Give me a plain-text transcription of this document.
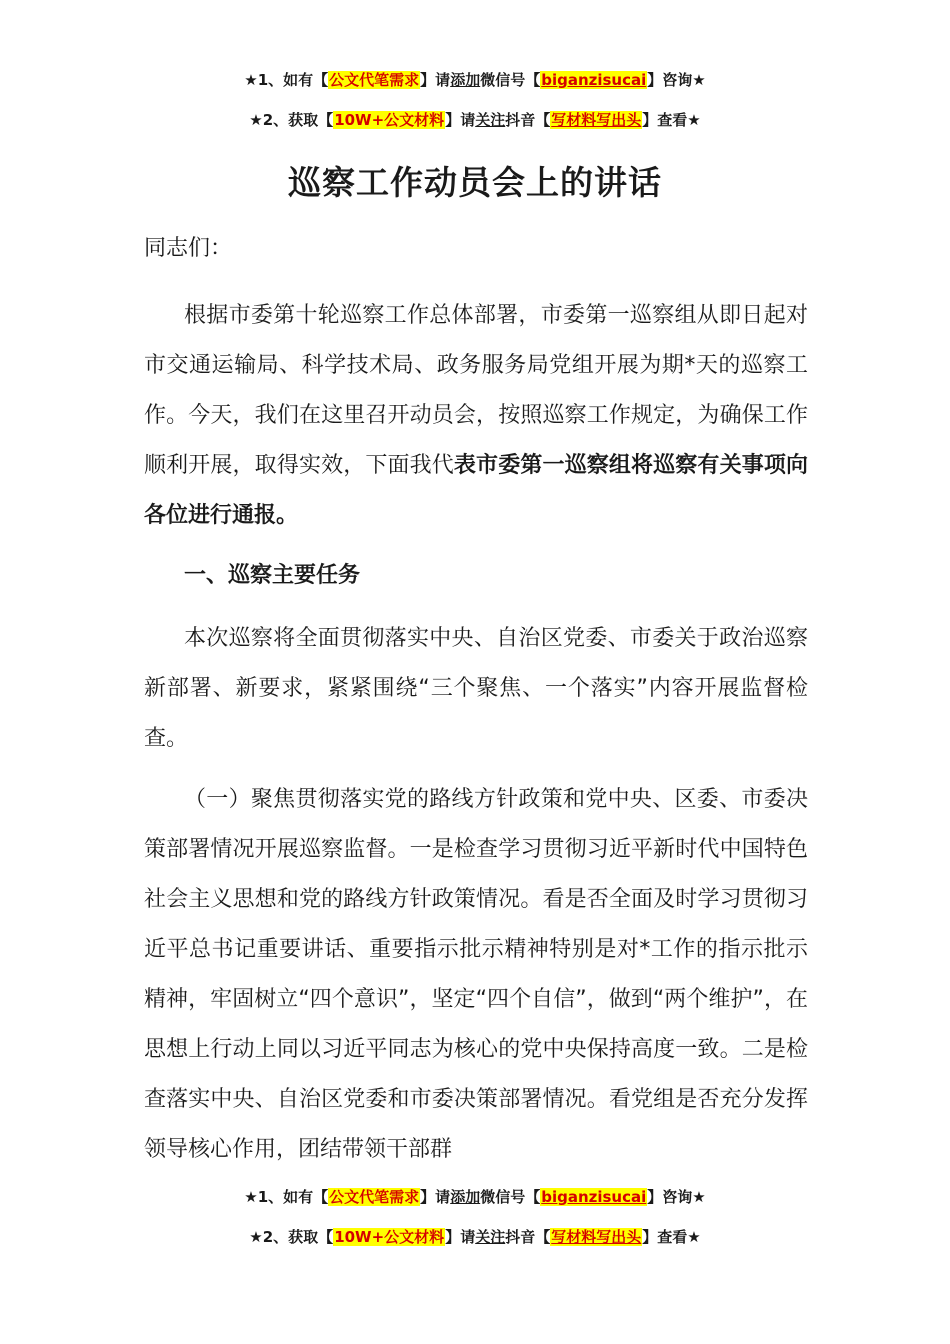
★1、如有【公文代笔需求】请添加微信号【biganzisucai】咨询★
★2、获取【10W+公文材料】请关注抖音【写材料写出头】查看★
巡察工作动员会上的讲话
同志们：
根据市委第十轮巡察工作总体部署，市委第一巡察组从即日起对市交通运输局、科学技术局、政务服务局党组开展为期*天的巡察工作。今天，我们在这里召开动员会，按照巡察工作规定，为确保工作顺利开展，取得实效，下面我代表市委第一巡察组将巡察有关事项向各位进行通报。
一、巡察主要任务
本次巡察将全面贯彻落实中央、自治区党委、市委关于政治巡察新部署、新要求，紧紧围绕“三个聚焦、一个落实”内容开展监督检查。
（一）聚焦贯彻落实党的路线方针政策和党中央、区委、市委决策部署情况开展巡察监督。一是检查学习贯彻习近平新时代中国特色社会主义思想和党的路线方针政策情况。看是否全面及时学习贯彻习近平总书记重要讲话、重要指示批示精神特别是对*工作的指示批示精神，牢固树立“四个意识”，坚定“四个自信”，做到“两个维护”，在思想上行动上同以习近平同志为核心的党中央保持高度一致。二是检查落实中央、自治区党委和市委决策部署情况。看党组是否充分发挥领导核心作用，团结带领干部群
★1、如有【公文代笔需求】请添加微信号【biganzisucai】咨询★
★2、获取【10W+公文材料】请关注抖音【写材料写出头】查看★
